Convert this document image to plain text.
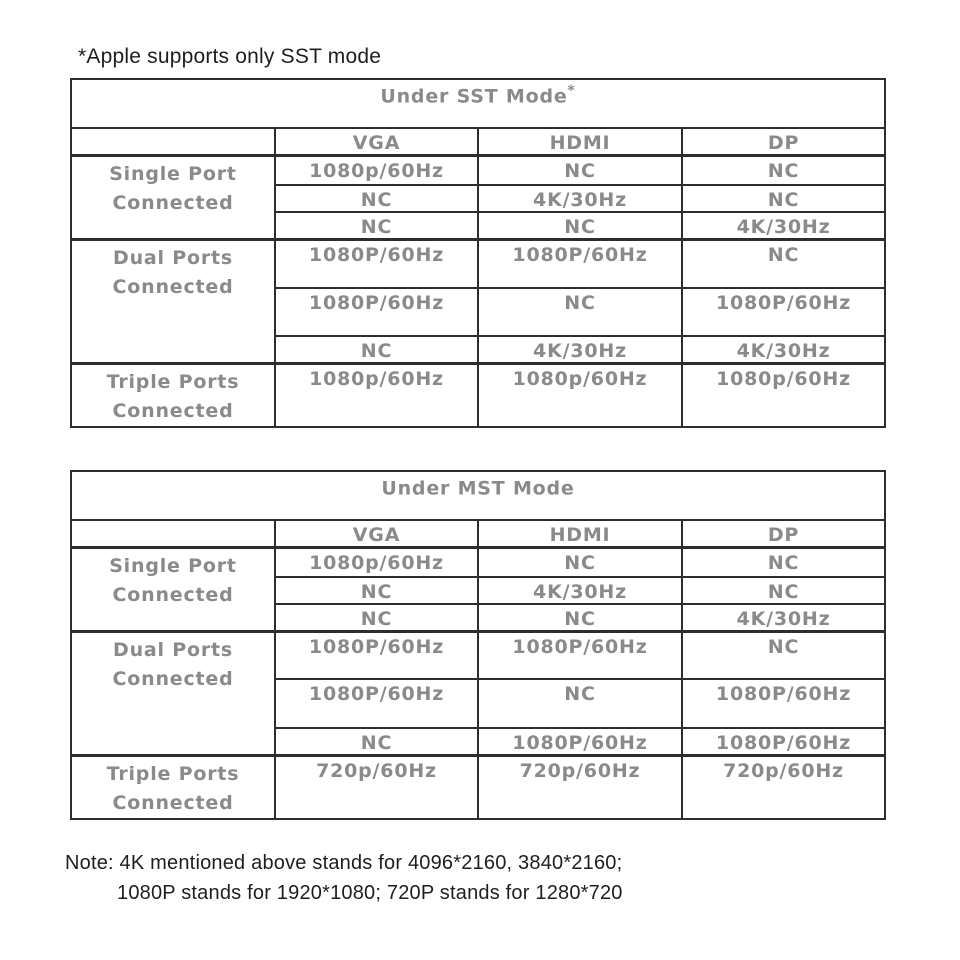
*Apple supports only SST mode
Under SST Mode*
	VGA	HDMI	DP

Single Port
Connected	1080p/60Hz	NC	NC
	NC	4K/30Hz	NC
	NC	NC	4K/30Hz

Dual Ports
Connected	1080P/60Hz	1080P/60Hz	NC
	1080P/60Hz	NC	1080P/60Hz
	NC	4K/30Hz	4K/30Hz

Triple Ports
Connected	1080p/60Hz	1080p/60Hz	1080p/60Hz
Under MST Mode			
	VGA	HDMI	DP

Single Port
Connected	1080p/60Hz	NC	NC
	NC	4K/30Hz	NC
	NC	NC	4K/30Hz

Dual Ports
Connected	1080P/60Hz	1080P/60Hz	NC
	1080P/60Hz	NC	1080P/60Hz
	NC	1080P/60Hz	1080P/60Hz

Triple Ports
Connected	720p/60Hz	720p/60Hz	720p/60Hz
Note: 4K mentioned above stands for 4096*2160, 3840*2160;
1080P stands for 1920*1080; 720P stands for 1280*720
